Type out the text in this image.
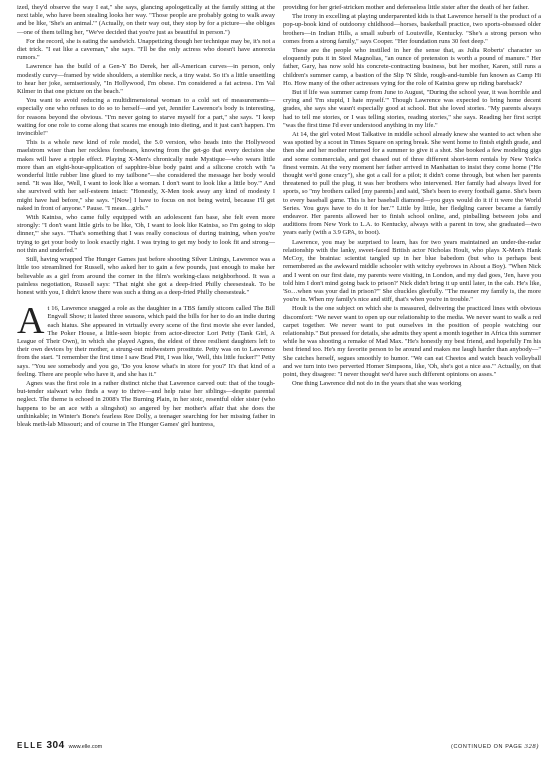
ized, they'd observe the way I eat," she says, glancing apologetically at the family sitting at the next table, who have been stealing looks her way. "Those people are probably going to walk away and be like, 'She's an animal.'" (Actually, on their way out, they stop by for a picture—she obliges—one of them telling her, "We've decided that you're just as beautiful in person.")

For the record, she is eating the sandwich. Unappetizing though her technique may be, it's not a diet trick. "I eat like a caveman," she says. "I'll be the only actress who doesn't have anorexia rumors."

Lawrence has the build of a Gen-Y Bo Derek, her all-American curves—in person, only modestly curvy—framed by wide shoulders, a stemlike neck, a tiny waist. So it's a little unsettling to hear her joke, semiseriously, "In Hollywood, I'm obese. I'm considered a fat actress. I'm Val Kilmer in that one picture on the beach."

You want to avoid reducing a multidimensional woman to a cold set of measurements—especially one who refuses to do so to herself—and yet, Jennifer Lawrence's body is interesting, for reasons beyond the obvious. "I'm never going to starve myself for a part," she says. "I keep waiting for one role to come along that scares me enough into dieting, and it just can't happen. I'm invincible!"

This is a whole new kind of role model, the 5.0 version, who heads into the Hollywood maelstrom wiser than her reckless forebears, knowing from the get-go that every decision she makes will have a ripple effect. Playing X-Men's chronically nude Mystique—who wears little more than an eight-hour-application of sapphire-blue body paint and a silicone crotch with "a wonderful little rubber line glued to my tailbone"—she considered the message her body would send. "It was like, 'Well, I want to look like a woman. I don't want to look like a little boy.'" And she survived with her self-esteem intact: "Honestly, X-Men took away any kind of modesty I might have had before," she says. "[Now] I have to focus on not being weird, because I'll get naked in front of anyone." Pause. "I mean…girls."

With Katniss, who came fully equipped with an adolescent fan base, she felt even more strongly: "I don't want little girls to be like, 'Oh, I want to look like Katniss, so I'm going to skip dinner,'" she says. "That's something that I was really conscious of during training, when you're trying to get your body to look exactly right. I was trying to get my body to look fit and strong—not thin and underfed."

Still, having wrapped The Hunger Games just before shooting Silver Linings, Lawrence was a little too streamlined for Russell, who asked her to gain a few pounds, just enough to make her believable as a girl from around the corner in the film's working-class neighborhood. It was a painless negotiation, Russell says: "That night she got a deep-fried Philly cheesesteak. To be honest with you, I didn't know there was such a thing as a deep-fried Philly cheesesteak."

At 16, Lawrence snagged a role as the daughter in a TBS family sitcom called The Bill Engvall Show; it lasted three seasons, which paid the bills for her to do an indie during each hiatus. She appeared in virtually every scene of the first movie she ever landed, The Poker House, a little-seen biopic from actor-director Lori Petty (Tank Girl, A League of Their Own), in which she played Agnes, the eldest of three resilient daughters left to their own devices by their mother, a strung-out midwestern prostitute. Petty was on to Lawrence from the start. "I remember the first time I saw Brad Pitt, I was like, 'Well, this little fucker!'" Petty says. "You see somebody and you go, 'Do you know what's in store for you?' It's that kind of a feeling. There are people who have it, and she has it."

Agnes was the first role in a rather distinct niche that Lawrence carved out: that of the tough-but-tender stalwart who finds a way to thrive—and help raise her siblings—despite parental neglect. The theme is echoed in 2008's The Burning Plain, in her stoic, resentful older sister (who happens to be an ace with a slingshot) so angered by her mother's affair that she does the unthinkable; in Winter's Bone's fearless Ree Dolly, a teenager searching for her missing father in bleak meth-lab Missouri; and of course in The Hunger Games' girl huntress,

providing for her grief-stricken mother and defenseless little sister after the death of her father.

The irony in excelling at playing underparented kids is that Lawrence herself is the product of a pop-up-book kind of outdoorsy childhood—horses, basketball practice, two sports-obsessed older brothers—in Indian Hills, a small suburb of Louisville, Kentucky. "She's a strong person who comes from a strong family," says Cooper. "Her foundation runs 30 feet deep."

These are the people who instilled in her the sense that, as Julia Roberts' character so eloquently puts it in Steel Magnolias, "an ounce of pretension is worth a pound of manure." Her father, Gary, has now sold his concrete-contracting business, but her mother, Karen, still runs a children's summer camp, a bastion of the Slip 'N Slide, rough-and-tumble fun known as Camp Hi Ho. How many of the other actresses vying for the role of Katniss grew up riding bareback?

But if life was summer camp from June to August, "During the school year, it was horrible and crying and 'I'm stupid, I hate myself.'" Though Lawrence was expected to bring home decent grades, she says she wasn't especially good at school. But she loved stories. "My parents always had to tell me stories, or I was telling stories, reading stories," she says. Reading her first script "was the first time I'd ever understood anything in my life."

At 14, the girl voted Most Talkative in middle school already knew she wanted to act when she was spotted by a scout in Times Square on spring break. She went home to finish eighth grade, and then she and her mother returned for a summer to give it a shot. She booked a few modeling gigs and some commercials, and got chased out of three different short-term rentals by New York's finest vermin. At the very moment her father arrived in Manhattan to insist they come home ("He thought we'd gone crazy"), she got a call for a pilot; it didn't come through, but when her parents threatened to pull the plug, it was her brothers who intervened. Her family had always lived for sports, so "my brothers called [my parents] and said, 'She's been to every football game. She's been to every baseball game. This is her baseball diamond—you guys would do it if it were the World Series. You guys have to do it for her.'" Little by little, her fledgling career became a family endeavor. Her parents allowed her to finish school online, and, pinballing between jobs and auditions from New York to L.A. to Kentucky, always with a parent in tow, she graduated—two years early (with a 3.9 GPA, to boot).

Lawrence, you may be surprised to learn, has for two years maintained an under-the-radar relationship with the lanky, sweet-faced British actor Nicholas Hoult, who plays X-Men's Hank McCoy, the brainiac scientist tangled up in her blue babedom (but who is perhaps best remembered as the awkward middle schooler with witchy eyebrows in About a Boy). "When Nick and I went on our first date, my parents were visiting, in London, and my dad goes, 'Jen, have you told him I don't mind going back to prison?' Nick didn't bring it up until later, in the cab. He's like, 'So…when was your dad in prison?'" She chuckles gleefully. "The meaner my family is, the more you're in. When my family's nice and stiff, that's when you're in trouble."

Hoult is the one subject on which she is measured, delivering the practiced lines with obvious discomfort: "We never want to open up our relationship to the media. We never want to walk a red carpet together. We never want to put ourselves in the position of people watching our relationship." But pressed for details, she admits they spent a month together in Africa this summer while he was shooting a remake of Mad Max. "He's honestly my best friend, and hopefully I'm his best friend too. He's my favorite person to be around and makes me laugh harder than anybody—" She catches herself, segues smoothly to humor. "We can eat Cheetos and watch beach volleyball and we turn into two perverted Homer Simpsons, like, 'Oh, she's got a nice ass.'" Actually, on that point, they disagree: "I never thought we'd have such different opinions on asses."

One thing Lawrence did not do in the years that she was working

ELLE 304 www.elle.com	(CONTINUED ON PAGE 328)
